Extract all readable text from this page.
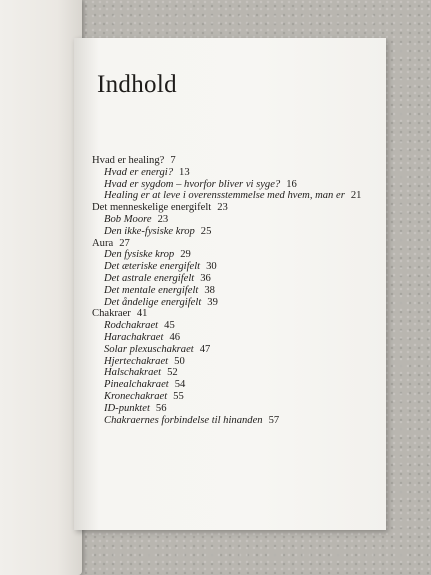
Indhold
Hvad er healing? 7
Hvad er energi? 13
Hvad er sygdom – hvorfor bliver vi syge? 16
Healing er at leve i overensstemmelse med hvem, man er 21
Det menneskelige energifelt 23
Bob Moore 23
Den ikke-fysiske krop 25
Aura 27
Den fysiske krop 29
Det æteriske energifelt 30
Det astrale energifelt 36
Det mentale energifelt 38
Det åndelige energifelt 39
Chakraer 41
Rodchakraet 45
Harachakraet 46
Solar plexuschakraet 47
Hjertechakraet 50
Halschakraet 52
Pinealchakraet 54
Kronechakraet 55
ID-punktet 56
Chakraernes forbindelse til hinanden 57
